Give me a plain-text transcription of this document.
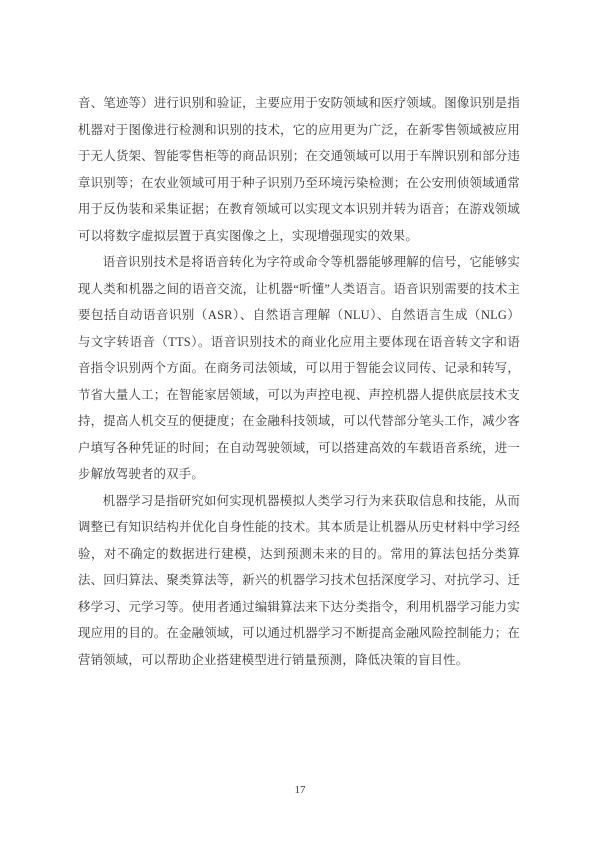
音、笔迹等）进行识别和验证，主要应用于安防领域和医疗领域。图像识别是指机器对于图像进行检测和识别的技术，它的应用更为广泛，在新零售领域被应用于无人货架、智能零售柜等的商品识别；在交通领域可以用于车牌识别和部分违章识别等；在农业领域可用于种子识别乃至环境污染检测；在公安刑侦领域通常用于反伪装和采集证据；在教育领域可以实现文本识别并转为语音；在游戏领域可以将数字虚拟层置于真实图像之上，实现增强现实的效果。

语音识别技术是将语音转化为字符或命令等机器能够理解的信号，它能够实现人类和机器之间的语音交流，让机器“听懂”人类语言。语音识别需要的技术主要包括自动语音识别（ASR）、自然语言理解（NLU）、自然语言生成（NLG）与文字转语音（TTS）。语音识别技术的商业化应用主要体现在语音转文字和语音指令识别两个方面。在商务司法领域，可以用于智能会议同传、记录和转写，节省大量人工；在智能家居领域，可以为声控电视、声控机器人提供底层技术支持，提高人机交互的便捷度；在金融科技领域，可以代替部分笔头工作，减少客户填写各种凭证的时间；在自动驾驶领域，可以搭建高效的车载语音系统，进一步解放驾驶者的双手。

机器学习是指研究如何实现机器模拟人类学习行为来获取信息和技能，从而调整已有知识结构并优化自身性能的技术。其本质是让机器从历史材料中学习经验，对不确定的数据进行建模，达到预测未来的目的。常用的算法包括分类算法、回归算法、聚类算法等，新兴的机器学习技术包括深度学习、对抗学习、迁移学习、元学习等。使用者通过编辑算法来下达分类指令，利用机器学习能力实现应用的目的。在金融领域，可以通过机器学习不断提高金融风险控制能力；在营销领域，可以帮助企业搭建模型进行销量预测，降低决策的盲目性。

17
